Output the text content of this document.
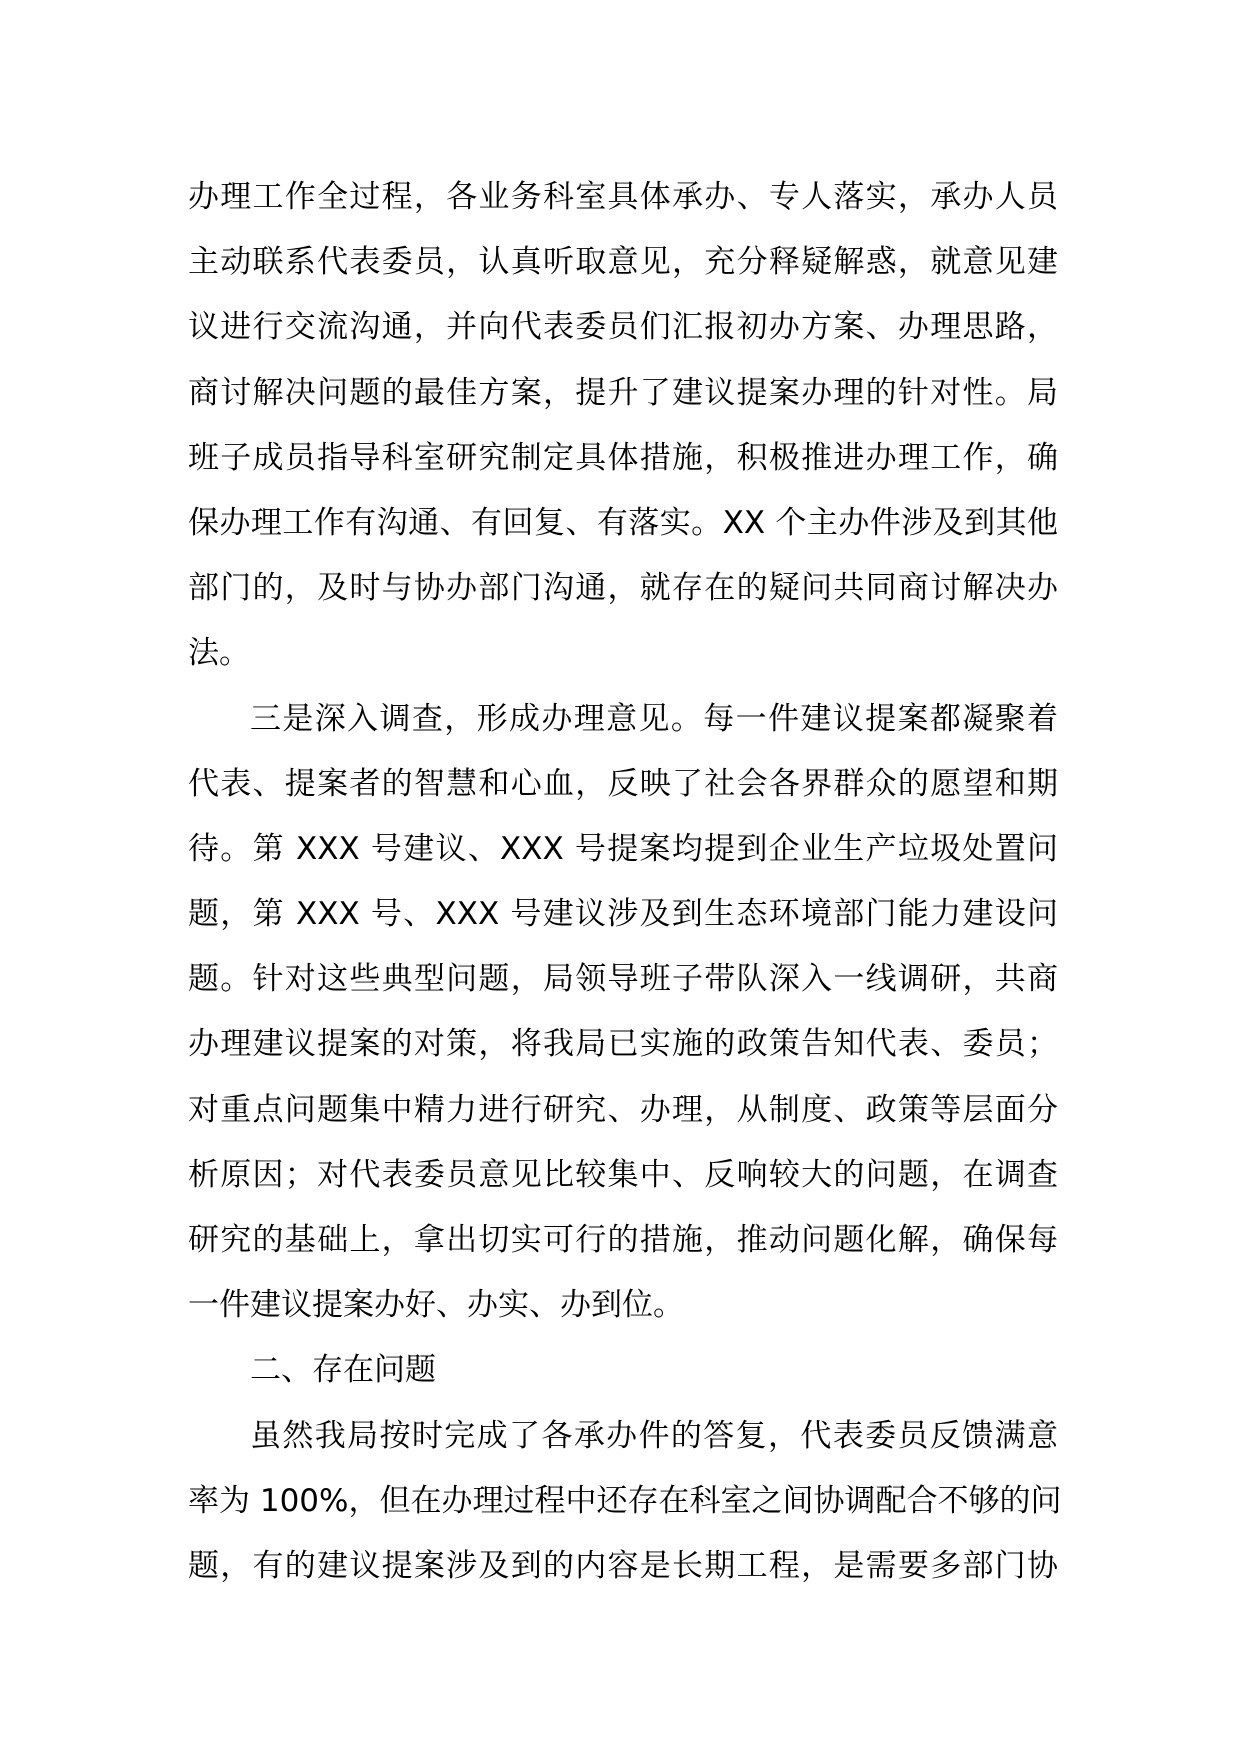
办理工作全过程，各业务科室具体承办、专人落实，承办人员
主动联系代表委员，认真听取意见，充分释疑解惑，就意见建
议进行交流沟通，并向代表委员们汇报初办方案、办理思路，
商讨解决问题的最佳方案，提升了建议提案办理的针对性。局
班子成员指导科室研究制定具体措施，积极推进办理工作，确
保办理工作有沟通、有回复、有落实。XX 个主办件涉及到其他
部门的，及时与协办部门沟通，就存在的疑问共同商讨解决办
法。
三是深入调查，形成办理意见。每一件建议提案都凝聚着
代表、提案者的智慧和心血，反映了社会各界群众的愿望和期
待。第 XXX 号建议、XXX 号提案均提到企业生产垃圾处置问
题，第 XXX 号、XXX 号建议涉及到生态环境部门能力建设问
题。针对这些典型问题，局领导班子带队深入一线调研，共商
办理建议提案的对策，将我局已实施的政策告知代表、委员；
对重点问题集中精力进行研究、办理，从制度、政策等层面分
析原因；对代表委员意见比较集中、反响较大的问题，在调查
研究的基础上，拿出切实可行的措施，推动问题化解，确保每
一件建议提案办好、办实、办到位。
二、存在问题
虽然我局按时完成了各承办件的答复，代表委员反馈满意
率为 100%，但在办理过程中还存在科室之间协调配合不够的问
题，有的建议提案涉及到的内容是长期工程，是需要多部门协
